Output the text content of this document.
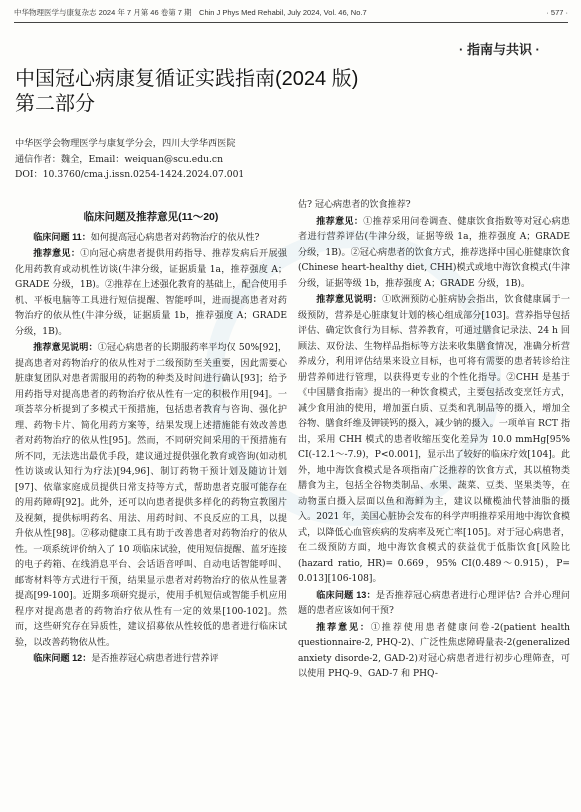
中华物理医学与康复杂志 2024 年 7 月第 46 卷第 7 期　Chin J Phys Med Rehabil, July 2024, Vol. 46, No.7	· 577 ·
· 指南与共识 ·
中国冠心病康复循证实践指南(2024 版)
第二部分
中华医学会物理医学与康复学分会，四川大学华西医院
通信作者：魏全，Email：weiquan@scu.edu.cn
DOI：10.3760/cma.j.issn.0254-1424.2024.07.001
临床问题及推荐意见(11～20)

临床问题 11：如何提高冠心病患者对药物治疗的依从性?

推荐意见：①向冠心病患者提供用药指导、推荐发病后开展强化用药教育或动机性访谈(牛津分级，证据质量 1a，推荐强度 A；GRADE 分级，1B)。②推荐在上述强化教育的基础上，配合使用手机、平板电脑等工具进行短信提醒、智能呼叫，进而提高患者对药物治疗的依从性(牛津分级，证据质量 1b，推荐强度 A；GRADE 分级，1B)。

推荐意见说明：①冠心病患者的长期服药率平均仅 50%[92]，提高患者对药物治疗的依从性对于二级预防至关重要，因此需要心脏康复团队对患者需服用的药物的种类及时间进行确认[93]；给予用药指导对提高患者的药物治疗依从性有一定的积极作用[94]。一项荟萃分析提到了多模式干预措施，包括患者教育与咨询、强化护理、药物卡片、简化用药方案等，结果发现上述措施能有效改善患者对药物治疗的依从性[95]。然而，不同研究间采用的干预措施有所不同，无法选出最优手段，建议通过提供强化教育或咨询(如动机性访谈或认知行为疗法)[94,96]、制订药物干预计划及随访计划[97]、依靠家庭成员提供日常支持等方式，帮助患者克服可能存在的用药障碍[92]。此外，还可以向患者提供多样化的药物宣教图片及视频，提供标明药名、用法、用药时间、不良反应的工具，以提升依从性[98]。②移动健康工具有助于改善患者对药物治疗的依从性。一项系统评价纳入了 10 项临床试验，使用短信提醒、蓝牙连接的电子药箱、在线消息平台、会话语音呼叫、自动电话智能呼叫、邮寄材料等方式进行干预，结果显示患者对药物治疗的依从性显著提高[99-100]。近期多项研究提示，使用手机短信或智能手机应用程序对提高患者的药物治疗依从性有一定的效果[100-102]。然而，这些研究存在异质性，建议招募依从性较低的患者进行临床试验，以改善药物依从性。

临床问题 12：是否推荐冠心病患者进行营养评

估? 冠心病患者的饮食推荐?

推荐意见：①推荐采用问卷调查、健康饮食指数等对冠心病患者进行营养评估(牛津分级，证据等级 1a，推荐强度 A；GRADE 分级，1B)。②冠心病患者的饮食方式，推荐选择中国心脏健康饮食(Chinese heart-healthy diet, CHH)模式或地中海饮食模式(牛津分级，证据等级 1b，推荐强度 A；GRADE 分级，1B)。

推荐意见说明：①欧洲预防心脏病协会指出，饮食健康属于一级预防，营养是心脏康复计划的核心组成部分[103]。营养指导包括评估、确定饮食行为目标、营养教育，可通过膳食记录法、24 h 回顾法、双份法、生物样品指标等方法来收集膳食情况，准确分析营养成分，利用评估结果来设立目标，也可将有需要的患者转诊给注册营养师进行管理，以获得更专业的个性化指导。②CHH 是基于《中国膳食指南》提出的一种饮食模式，主要包括改变烹饪方式，减少食用油的使用，增加蛋白质、豆类和乳制品等的摄入，增加全谷物、膳食纤维及钾镁钙的摄入，减少钠的摄入。一项单盲 RCT 指出，采用 CHH 模式的患者收缩压变化差异为 10.0 mmHg[95% CI(-12.1～-7.9)，P<0.001]，显示出了较好的临床疗效[104]。此外，地中海饮食模式是各项指南广泛推荐的饮食方式，其以植物类膳食为主，包括全谷物类制品、水果、蔬菜、豆类、坚果类等，在动物蛋白摄入层面以鱼和海鲜为主，建议以橄榄油代替油脂的摄入。2021 年，美国心脏协会发布的科学声明推荐采用地中海饮食模式，以降低心血管疾病的发病率及死亡率[105]。对于冠心病患者，在二级预防方面，地中海饮食模式的获益优于低脂饮食[风险比(hazard ratio, HR)= 0.669，95% CI(0.489～0.915)，P= 0.013][106-108]。

临床问题 13：是否推荐冠心病患者进行心理评估? 合并心理问题的患者应该如何干预?

推荐意见：①推荐使用患者健康问卷-2(patient health questionnaire-2, PHQ-2)、广泛性焦虑障碍量表-2(generalized anxiety disorde-2, GAD-2)对冠心病患者进行初步心理筛查，可以使用 PHQ-9、GAD-7 和 PHQ-
